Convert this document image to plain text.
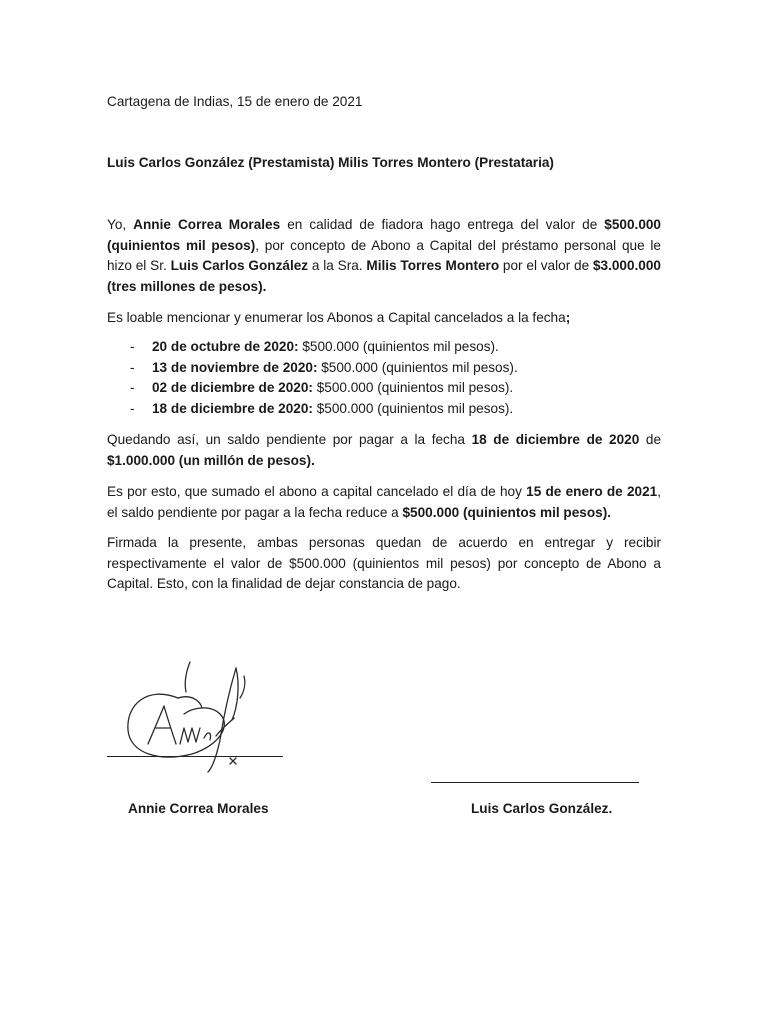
Cartagena de Indias, 15 de enero de 2021
Luis Carlos González (Prestamista) Milis Torres Montero (Prestataria)

Yo, Annie Correa Morales en calidad de fiadora hago entrega del valor de $500.000 (quinientos mil pesos), por concepto de Abono a Capital del préstamo personal que le hizo el Sr. Luis Carlos González a la Sra. Milis Torres Montero por el valor de $3.000.000 (tres millones de pesos).

Es loable mencionar y enumerar los Abonos a Capital cancelados a la fecha;
- 20 de octubre de 2020: $500.000 (quinientos mil pesos).
- 13 de noviembre de 2020: $500.000 (quinientos mil pesos).
- 02 de diciembre de 2020: $500.000 (quinientos mil pesos).
- 18 de diciembre de 2020: $500.000 (quinientos mil pesos).

Quedando así, un saldo pendiente por pagar a la fecha 18 de diciembre de 2020 de $1.000.000 (un millón de pesos).

Es por esto, que sumado el abono a capital cancelado el día de hoy 15 de enero de 2021, el saldo pendiente por pagar a la fecha reduce a $500.000 (quinientos mil pesos).

Firmada la presente, ambas personas quedan de acuerdo en entregar y recibir respectivamente el valor de $500.000 (quinientos mil pesos) por concepto de Abono a Capital. Esto, con la finalidad de dejar constancia de pago.

Annie Correa Morales	Luis Carlos González.
